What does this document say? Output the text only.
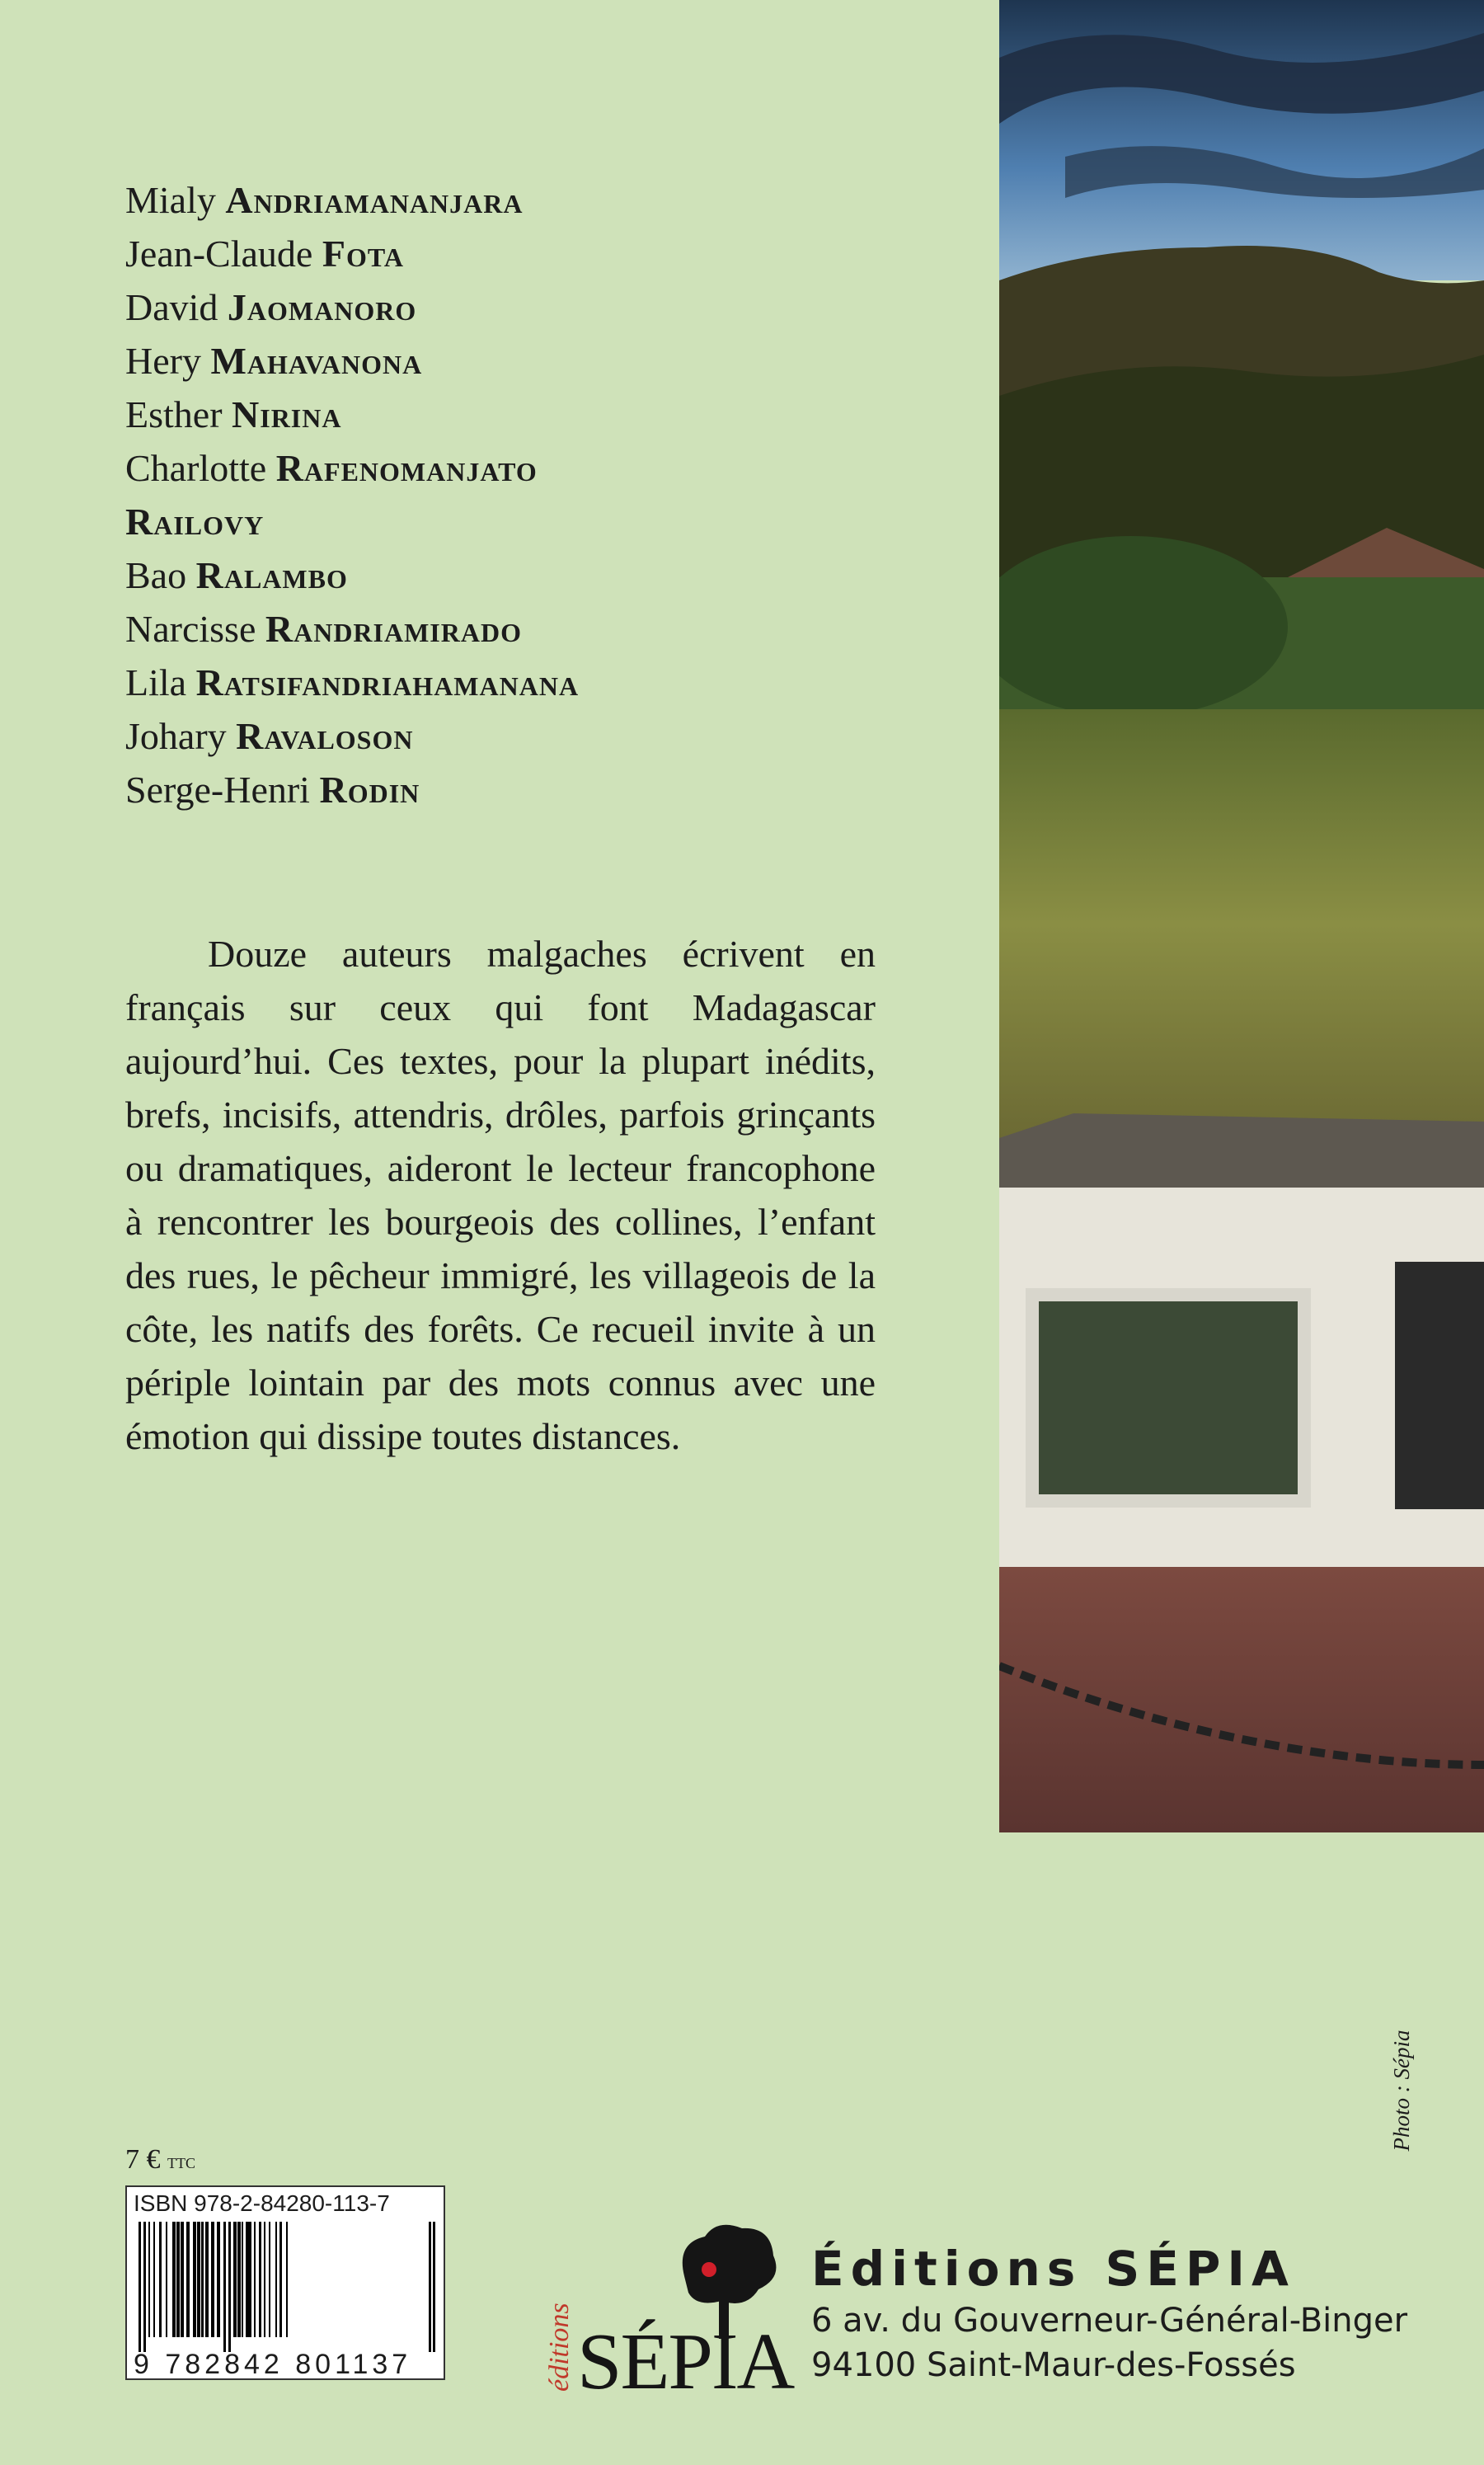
Mialy Andriamananjara
Jean-Claude Fota
David Jaomanoro
Hery Mahavanona
Esther Nirina
Charlotte Rafenomanjato
Railovy
Bao Ralambo
Narcisse Randriamirado
Lila Ratsifandriahamanana
Johary Ravaloson
Serge-Henri Rodin

Douze auteurs malgaches écrivent en français sur ceux qui font Madagascar aujourd’hui. Ces textes, pour la plupart inédits, brefs, incisifs, attendris, drôles, parfois grinçants ou dramatiques, aideront le lecteur francophone à rencontrer les bourgeois des collines, l’enfant des rues, le pêcheur immigré, les villageois de la côte, les natifs des forêts. Ce recueil invite à un périple lointain par des mots connus avec une émotion qui dissipe toutes distances.

Photo : Sépia
7 € ttc
ISBN 978-2-84280-113-7
9 782842 801137	éditions SÉPIA
Éditions SÉPIA
6 av. du Gouverneur-Général-Binger
94100 Saint-Maur-des-Fossés
